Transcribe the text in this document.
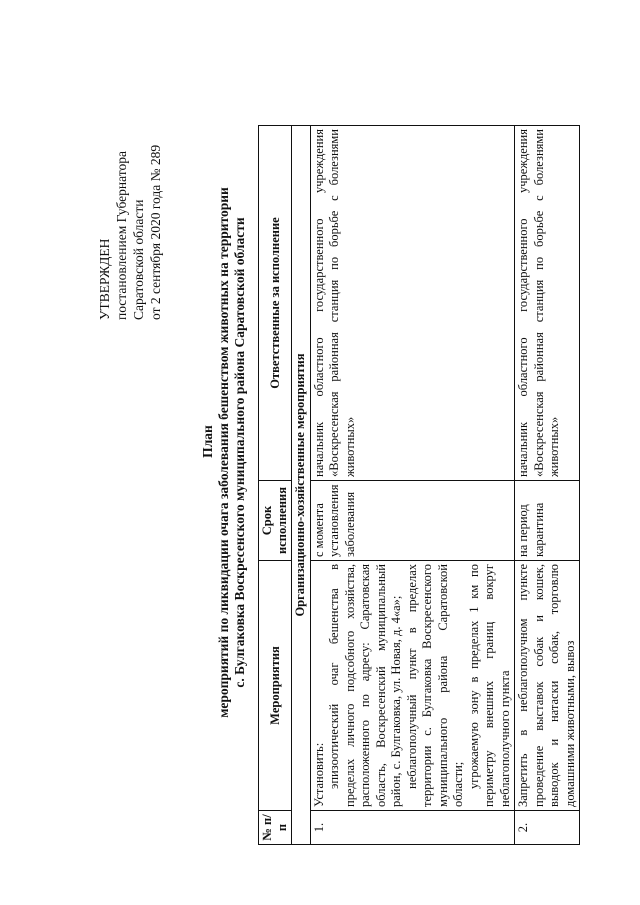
УТВЕРЖДЕН постановлением Губернатора Саратовской области от 2 сентября 2020 года № 289
План мероприятий по ликвидации очага заболевания бешенством животных на территории с. Булгаковка Воскресенского муниципального района Саратовской области
№ п/п	Мероприятия	Срок исполнения	Ответственные за исполнение
Организационно-хозяйственные мероприятия			
1.	Установить: эпизоотический очаг бешенства в пределах личного подсобного хозяйства, расположенного по адресу: Саратовская область, Воскресенский муниципальный район, с. Булгаковка, ул. Новая, д. 4«а»; неблагополучный пункт в пределах территории с. Булгаковка Воскресенского муниципального района Саратовской области; угрожаемую зону в пределах 1 км по периметру внешних границ вокруг неблагополучного пункта	с момента установления заболевания	начальник областного государственного учреждения «Воскресенская районная станция по борьбе с болезнями животных»
2.	Запретить в неблагополучном пункте проведение выставок собак и кошек, выводок и натаски собак, торговлю домашними животными, вывоз	на период карантина	начальник областного государственного учреждения «Воскресенская районная станция по борьбе с болезнями животных»
